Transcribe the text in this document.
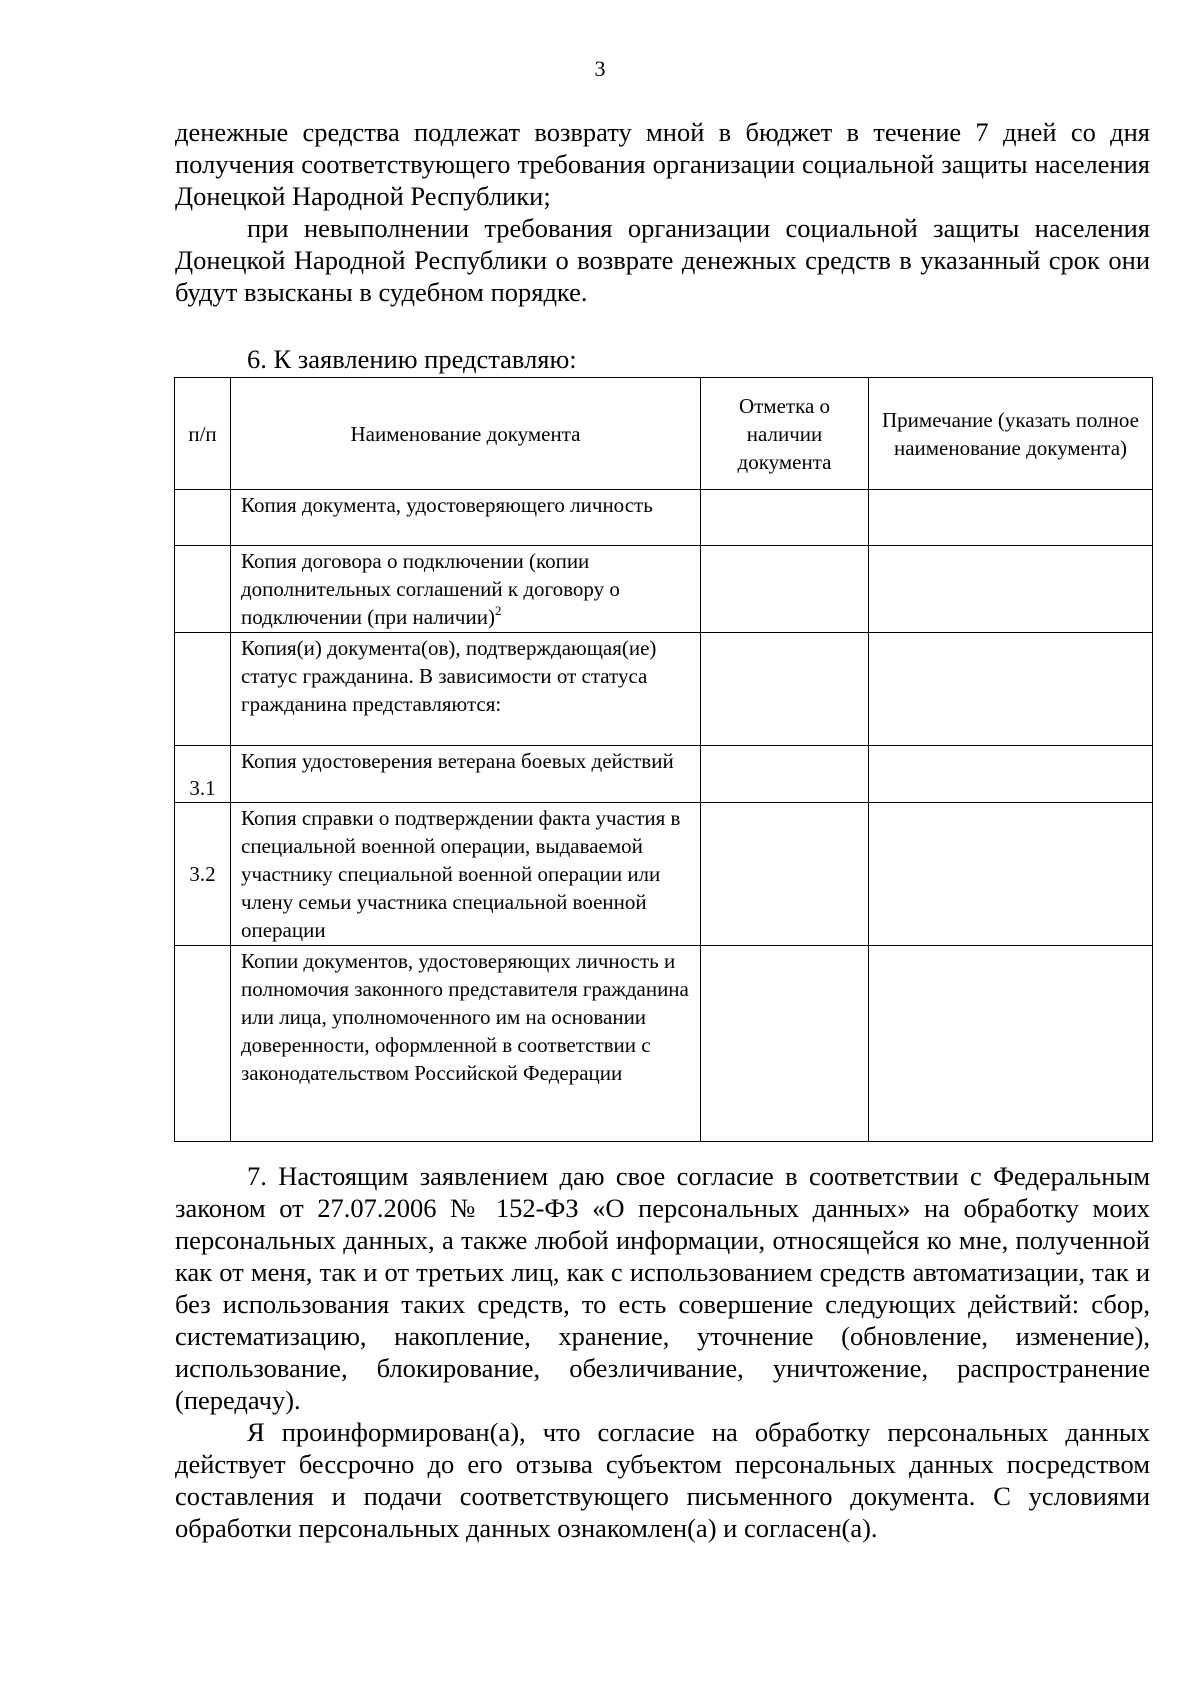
3

денежные средства подлежат возврату мной в бюджет в течение 7 дней со дня получения соответствующего требования организации социальной защиты населения Донецкой Народной Республики;

при невыполнении требования организации социальной защиты населения Донецкой Народной Республики о возврате денежных средств в указанный срок они будут взысканы в судебном порядке.

6. К заявлению представляю:
п/п	Наименование документа	Отметка о наличии документа	Примечание (указать полное наименование документа)
	Копия документа, удостоверяющего личность		
	Копия договора о подключении (копии дополнительных соглашений к договору о подключении (при наличии)$^2$		
	Копия(и) документа(ов), подтверждающая(ие) статус гражданина. В зависимости от статуса гражданина представляются:		
3.1	Копия удостоверения ветерана боевых действий		
3.2	Копия справки о подтверждении факта участия в специальной военной операции, выдаваемой участнику специальной военной операции или члену семьи участника специальной военной операции		
	Копии документов, удостоверяющих личность и полномочия законного представителя гражданина или лица, уполномоченного им на основании доверенности, оформленной в соответствии с законодательством Российской Федерации		

7. Настоящим заявлением даю свое согласие в соответствии с Федеральным законом от 27.07.2006 № 152-ФЗ «О персональных данных» на обработку моих персональных данных, а также любой информации, относящейся ко мне, полученной как от меня, так и от третьих лиц, как с использованием средств автоматизации, так и без использования таких средств, то есть совершение следующих действий: сбор, систематизацию, накопление, хранение, уточнение (обновление, изменение), использование, блокирование, обезличивание, уничтожение, распространение (передачу).

Я проинформирован(а), что согласие на обработку персональных данных действует бессрочно до его отзыва субъектом персональных данных посредством составления и подачи соответствующего письменного документа. С условиями обработки персональных данных ознакомлен(а) и согласен(а).
